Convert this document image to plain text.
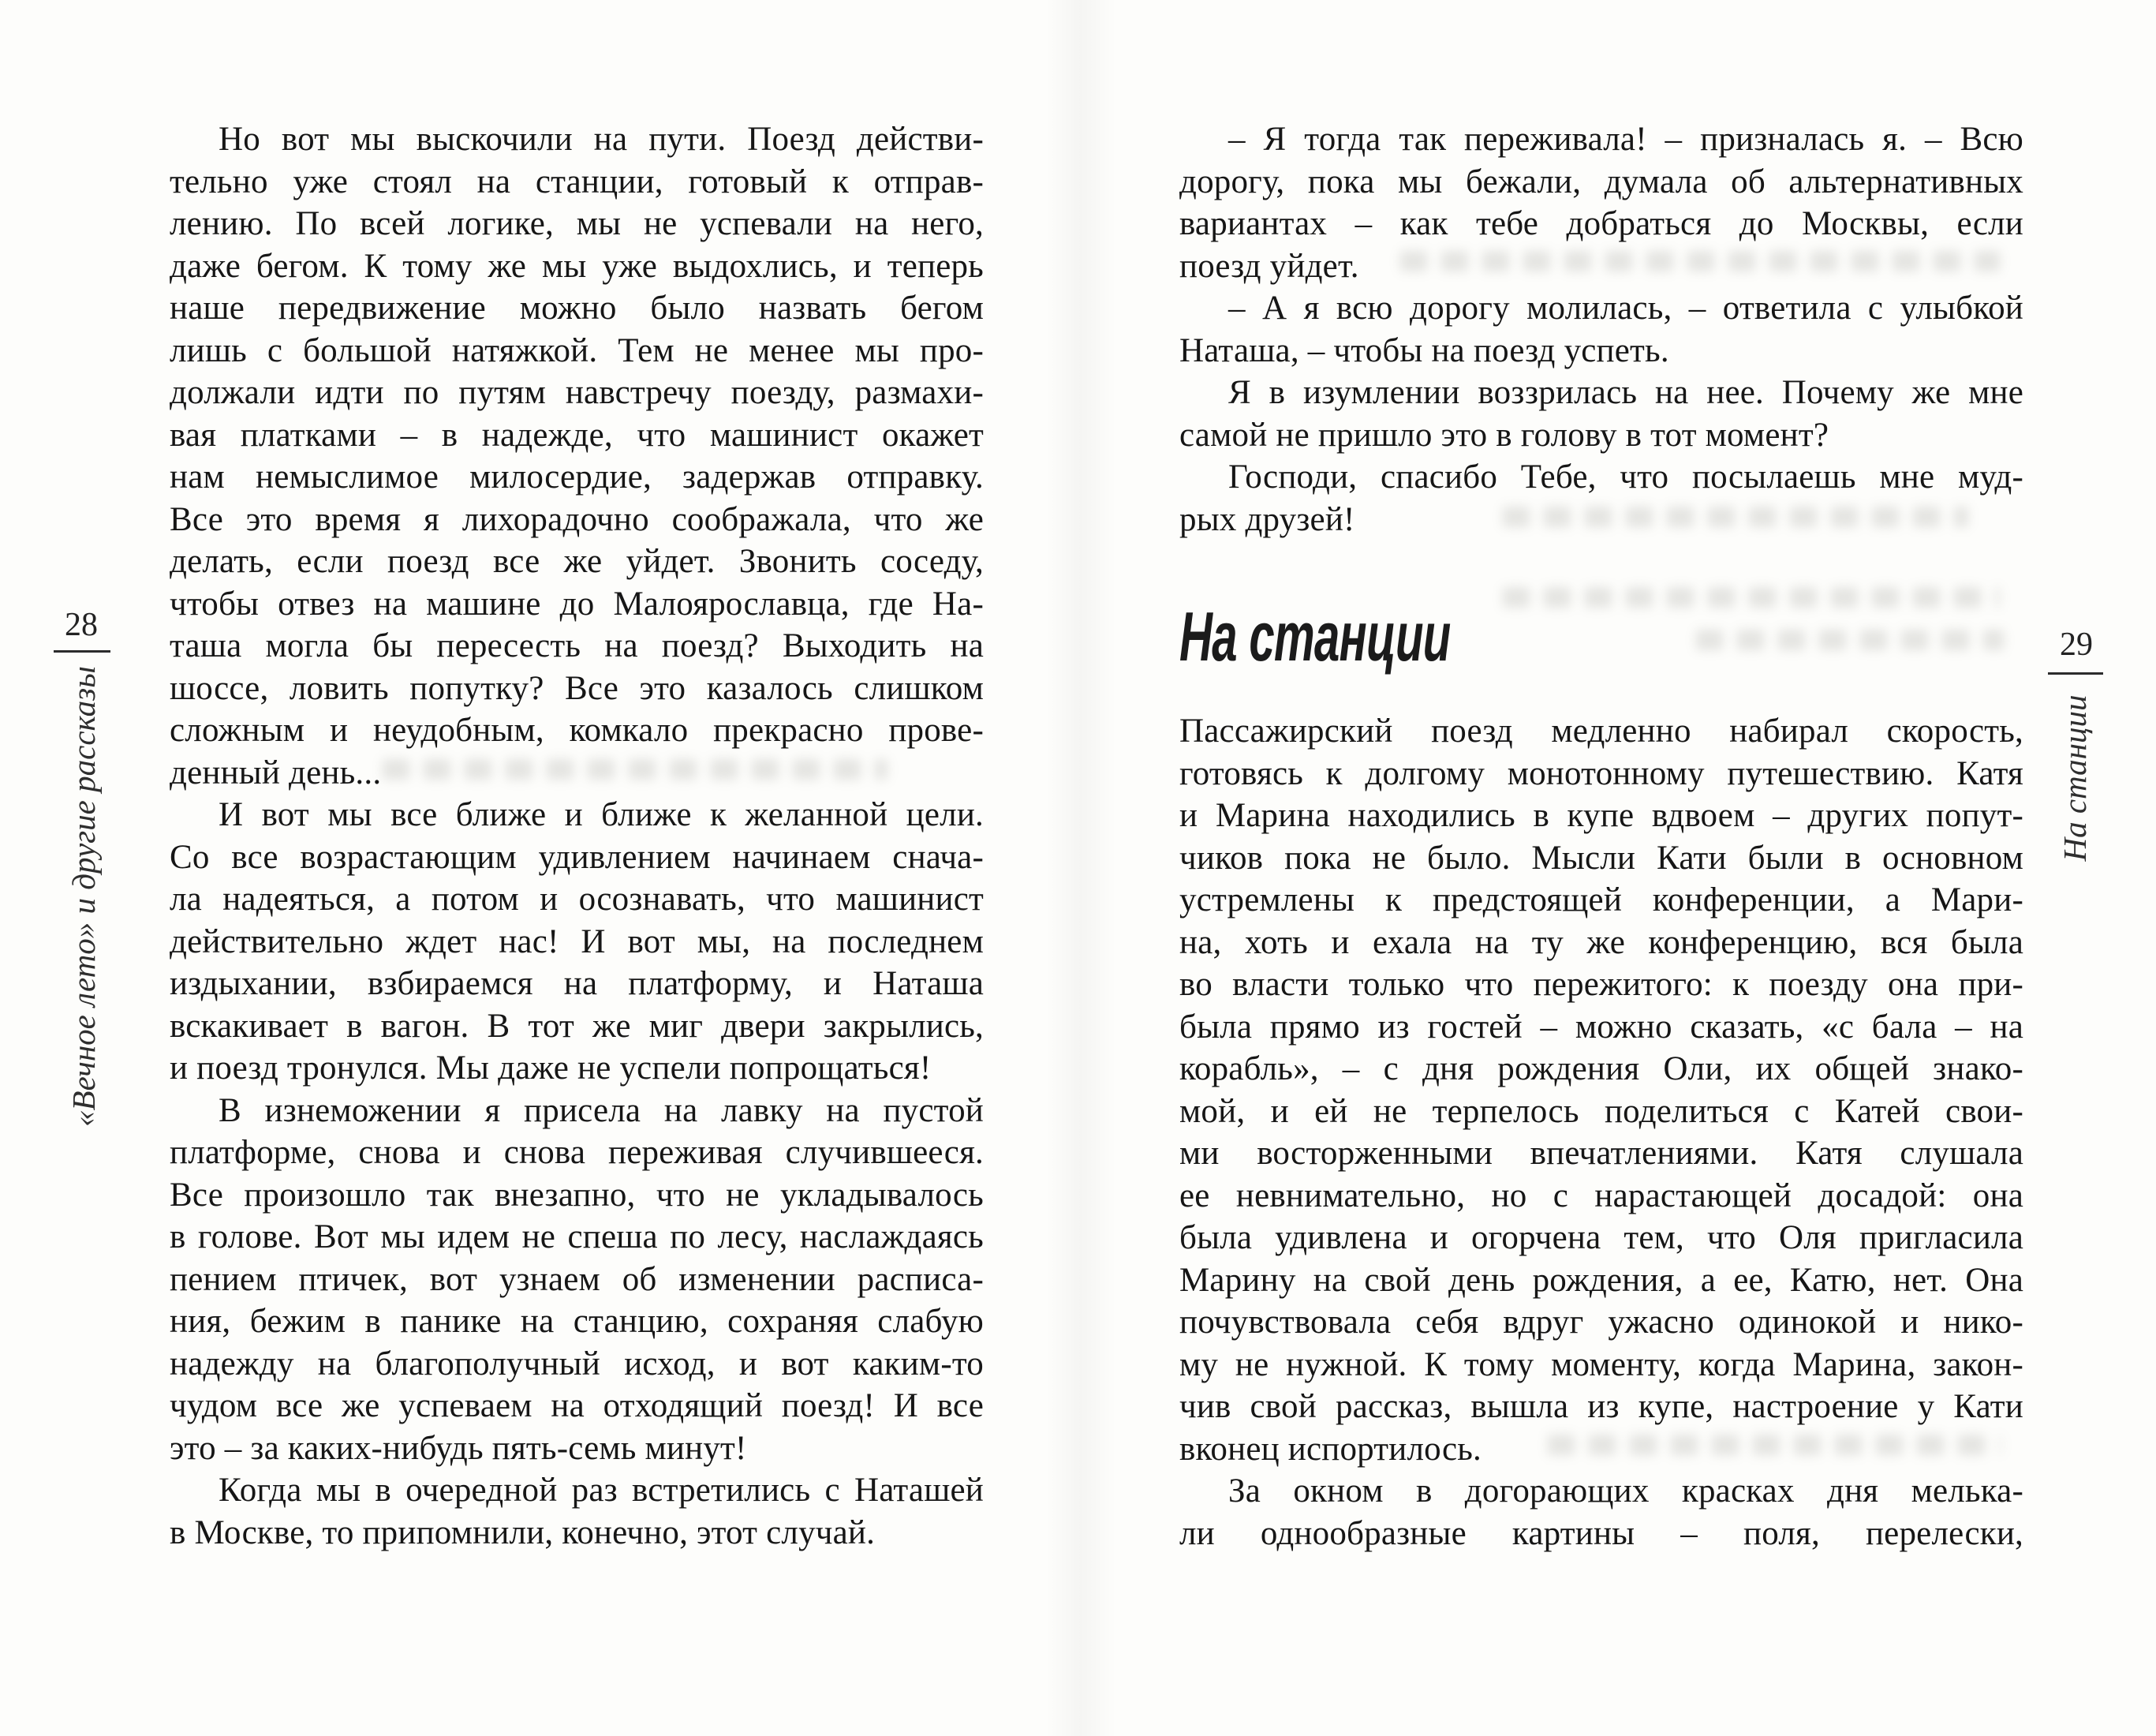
28
«Вечное лето» и другие рассказы
29
На станции
Но вот мы выскочили на пути. Поезд действи-
тельно уже стоял на станции, готовый к отправ-
лению. По всей логике, мы не успевали на него,
даже бегом. К тому же мы уже выдохлись, и теперь
наше передвижение можно было назвать бегом
лишь с большой натяжкой. Тем не менее мы про-
должали идти по путям навстречу поезду, размахи-
вая платками – в надежде, что машинист окажет
нам немыслимое милосердие, задержав отправку.
Все это время я лихорадочно соображала, что же
делать, если поезд все же уйдет. Звонить соседу,
чтобы отвез на машине до Малоярославца, где На-
таша могла бы пересесть на поезд? Выходить на
шоссе, ловить попутку? Все это казалось слишком
сложным и неудобным, комкало прекрасно прове-
денный день...
И вот мы все ближе и ближе к желанной цели.
Со все возрастающим удивлением начинаем снача-
ла надеяться, а потом и осознавать, что машинист
действительно ждет нас! И вот мы, на последнем
издыхании, взбираемся на платформу, и Наташа
вскакивает в вагон. В тот же миг двери закрылись,
и поезд тронулся. Мы даже не успели попрощаться!
В изнеможении я присела на лавку на пустой
платформе, снова и снова переживая случившееся.
Все произошло так внезапно, что не укладывалось
в голове. Вот мы идем не спеша по лесу, наслаждаясь
пением птичек, вот узнаем об изменении расписа-
ния, бежим в панике на станцию, сохраняя слабую
надежду на благополучный исход, и вот каким-то
чудом все же успеваем на отходящий поезд! И все
это – за каких-нибудь пять-семь минут!
Когда мы в очередной раз встретились с Наташей
в Москве, то припомнили, конечно, этот случай.
– Я тогда так переживала! – призналась я. – Всю
дорогу, пока мы бежали, думала об альтернативных
вариантах – как тебе добраться до Москвы, если
поезд уйдет.
– А я всю дорогу молилась, – ответила с улыбкой
Наташа, – чтобы на поезд успеть.
Я в изумлении воззрилась на нее. Почему же мне
самой не пришло это в голову в тот момент?
Господи, спасибо Тебе, что посылаешь мне муд-
рых друзей!
На станции
Пассажирский поезд медленно набирал скорость,
готовясь к долгому монотонному путешествию. Катя
и Марина находились в купе вдвоем – других попут-
чиков пока не было. Мысли Кати были в основном
устремлены к предстоящей конференции, а Мари-
на, хоть и ехала на ту же конференцию, вся была
во власти только что пережитого: к поезду она при-
была прямо из гостей – можно сказать, «с бала – на
корабль», – с дня рождения Оли, их общей знако-
мой, и ей не терпелось поделиться с Катей свои-
ми восторженными впечатлениями. Катя слушала
ее невнимательно, но с нарастающей досадой: она
была удивлена и огорчена тем, что Оля пригласила
Марину на свой день рождения, а ее, Катю, нет. Она
почувствовала себя вдруг ужасно одинокой и нико-
му не нужной. К тому моменту, когда Марина, закон-
чив свой рассказ, вышла из купе, настроение у Кати
вконец испортилось.
За окном в догорающих красках дня мелька-
ли однообразные картины – поля, перелески,
